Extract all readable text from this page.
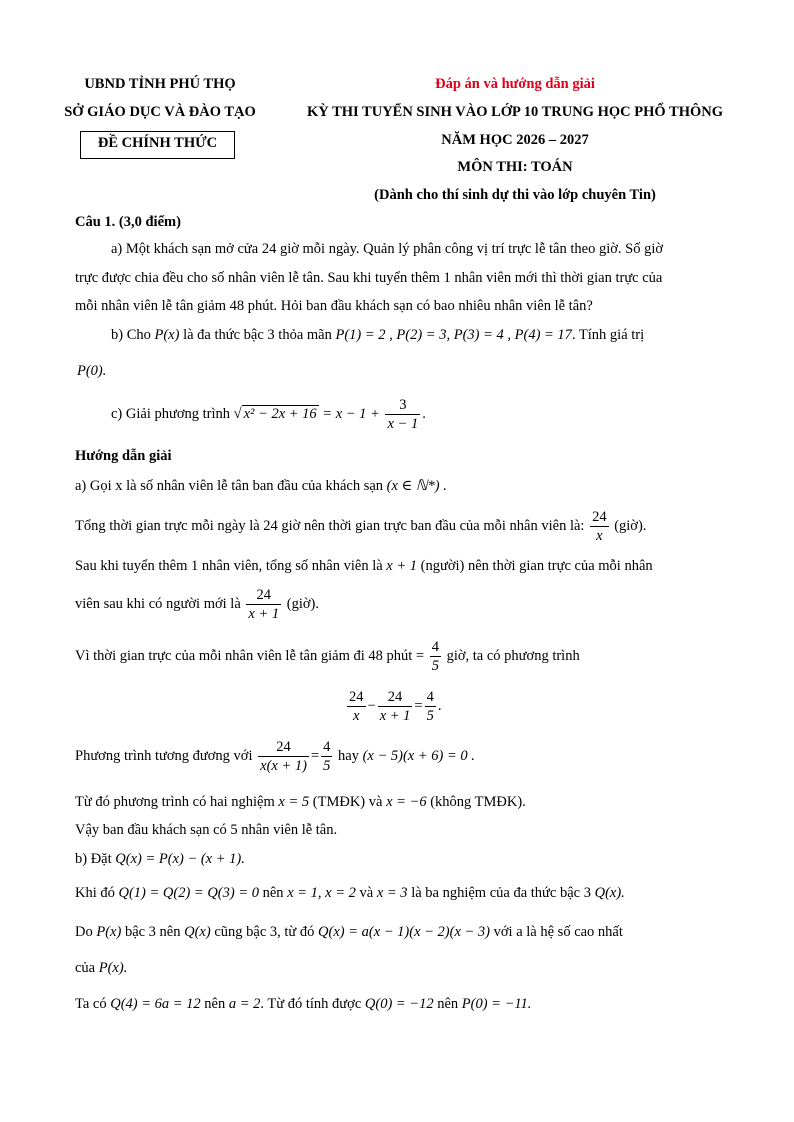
UBND TỈNH PHÚ THỌ
SỞ GIÁO DỤC VÀ ĐÀO TẠO
ĐỀ CHÍNH THỨC
Đáp án và hướng dẫn giải
KỲ THI TUYỂN SINH VÀO LỚP 10 TRUNG HỌC PHỔ THÔNG
NĂM HỌC 2026 – 2027
MÔN THI: TOÁN
(Dành cho thí sinh dự thi vào lớp chuyên Tin)
Câu 1. (3,0 điểm)
a) Một khách sạn mở cửa 24 giờ mỗi ngày. Quản lý phân công vị trí trực lễ tân theo giờ. Số giờ
trực được chia đều cho số nhân viên lễ tân. Sau khi tuyển thêm 1 nhân viên mới thì thời gian trực của
mỗi nhân viên lễ tân giảm 48 phút. Hỏi ban đầu khách sạn có bao nhiêu nhân viên lễ tân?
b) Cho P(x) là đa thức bậc 3 thỏa mãn P(1) = 2 , P(2) = 3, P(3) = 4 , P(4) = 17. Tính giá trị
P(0).
c) Giải phương trình √ $x^2 - 2x + 16 = x - 1 + \frac{3}{x - 1}$ .
Hướng dẫn giải
a) Gọi x là số nhân viên lễ tân ban đầu của khách sạn (x ∈ ℕ*) .
Tổng thời gian trực mỗi ngày là 24 giờ nên thời gian trực ban đầu của mỗi nhân viên là: $\frac{24}{x}$ (giờ).
Sau khi tuyển thêm 1 nhân viên, tổng số nhân viên là x + 1 (người) nên thời gian trực của mỗi nhân
viên sau khi có người mới là $\frac{24}{x + 1}$ (giờ).
Vì thời gian trực của mỗi nhân viên lễ tân giảm đi 48 phút = $\frac{4}{5}$ giờ, ta có phương trình
$\frac{24}{x} - \frac{24}{x + 1} = \frac{4}{5}$ .
Phương trình tương đương với $\frac{24}{x(x + 1)} = \frac{4}{5}$ hay (x − 5)(x + 6) = 0 .
Từ đó phương trình có hai nghiệm x = 5 (TMĐK) và x = −6 (không TMĐK).
Vậy ban đầu khách sạn có 5 nhân viên lễ tân.
b) Đặt Q(x) = P(x) − (x + 1).
Khi đó Q(1) = Q(2) = Q(3) = 0 nên x = 1, x = 2 và x = 3 là ba nghiệm của đa thức bậc 3 Q(x).
Do P(x) bậc 3 nên Q(x) cũng bậc 3, từ đó Q(x) = a(x − 1)(x − 2)(x − 3) với a là hệ số cao nhất
của P(x).
Ta có Q(4) = 6a = 12 nên a = 2. Từ đó tính được Q(0) = −12 nên P(0) = −11.
